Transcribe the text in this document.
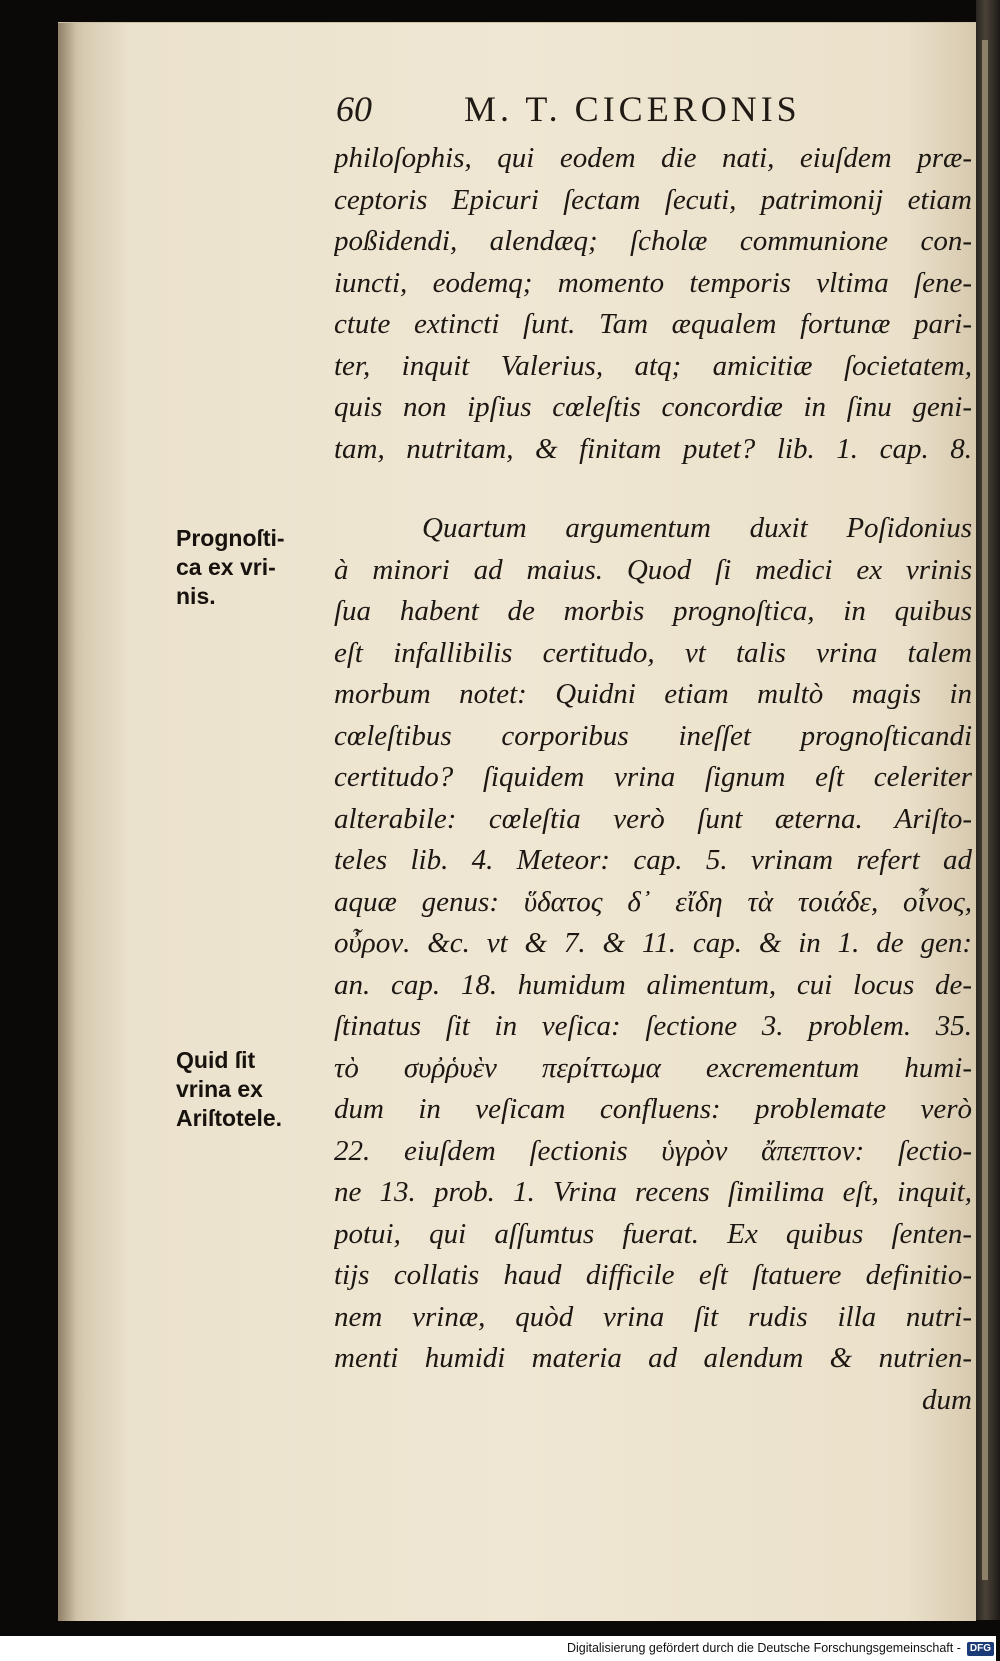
60	M. T. CICERONIS
philoſophis, qui eodem die nati, eiuſdem præ-
ceptoris Epicuri ſectam ſecuti, patrimonij etiam
poßidendi, alendæq; ſcholæ communione con-
iuncti, eodemq; momento temporis vltima ſene-
ctute extincti ſunt. Tam æqualem fortunæ pari-
ter, inquit Valerius, atq; amicitiæ ſocietatem,
quis non ipſius cœleſtis concordiæ in ſinu geni-
tam, nutritam, & finitam putet? lib. 1. cap. 8.
Quartum argumentum duxit Poſidonius
à minori ad maius. Quod ſi medici ex vrinis
ſua habent de morbis prognoſtica, in quibus
eſt infallibilis certitudo, vt talis vrina talem
morbum notet: Quidni etiam multò magis in
cœleſtibus corporibus ineſſet prognoſticandi
certitudo? ſiquidem vrina ſignum eſt celeriter
alterabile: cœleſtia verò ſunt æterna. Ariſto-
teles lib. 4. Meteor: cap. 5. vrinam refert ad
aquæ genus: ὕδατος δ᾽ εἴδη τὰ τοιάδε, οἶνος,
οὖρον. &c. vt & 7. & 11. cap. & in 1. de gen:
an. cap. 18. humidum alimentum, cui locus de-
ſtinatus ſit in veſica: ſectione 3. problem. 35.
τὸ συῤῥυὲν περίττωμα excrementum humi-
dum in veſicam confluens: problemate verò
22. eiuſdem ſectionis ὑγρὸν ἄπεπτον: ſectio-
ne 13. prob. 1. Vrina recens ſimilima eſt, inquit,
potui, qui aſſumtus fuerat. Ex quibus ſenten-
tijs collatis haud difficile eſt ſtatuere definitio-
nem vrinæ, quòd vrina ſit rudis illa nutri-
menti humidi materia ad alendum & nutrien-
dum
Prognoſti-
ca ex vri-
nis.
Quid ſit
vrina ex
Ariſtotele.
Digitalisierung gefördert durch die Deutsche Forschungsgemeinschaft - DFG
